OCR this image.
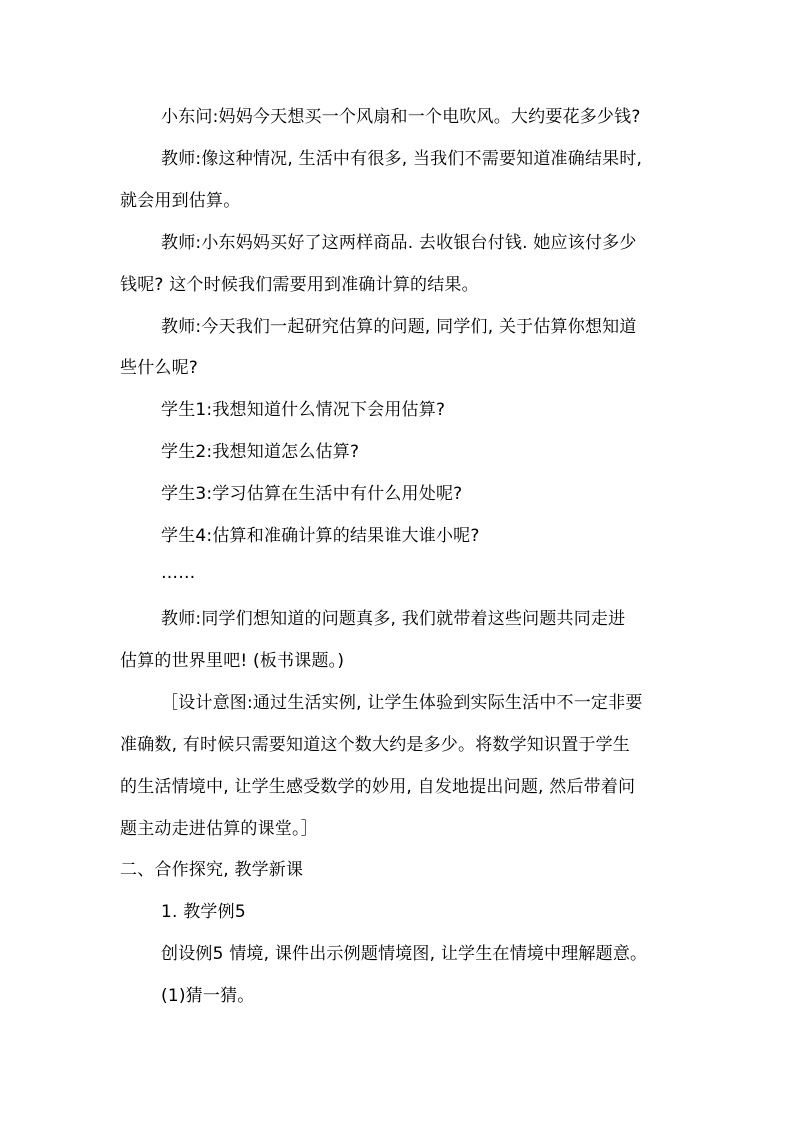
小东问:妈妈今天想买一个风扇和一个电吹风。大约要花多少钱?
教师:像这种情况, 生活中有很多, 当我们不需要知道准确结果时,
就会用到估算。
教师:小东妈妈买好了这两样商品. 去收银台付钱. 她应该付多少
钱呢? 这个时候我们需要用到准确计算的结果。
教师:今天我们一起研究估算的问题, 同学们, 关于估算你想知道
些什么呢?
学生1:我想知道什么情况下会用估算?
学生2:我想知道怎么估算?
学生3:学习估算在生活中有什么用处呢?
学生4:估算和准确计算的结果谁大谁小呢?
……
教师:同学们想知道的问题真多, 我们就带着这些问题共同走进
估算的世界里吧! (板书课题。)
［设计意图:通过生活实例, 让学生体验到实际生活中不一定非要
准确数, 有时候只需要知道这个数大约是多少。将数学知识置于学生
的生活情境中, 让学生感受数学的妙用, 自发地提出问题, 然后带着问
题主动走进估算的课堂。］
二、合作探究, 教学新课
1. 教学例5
创设例5 情境, 课件出示例题情境图, 让学生在情境中理解题意。
(1)猜一猜。
